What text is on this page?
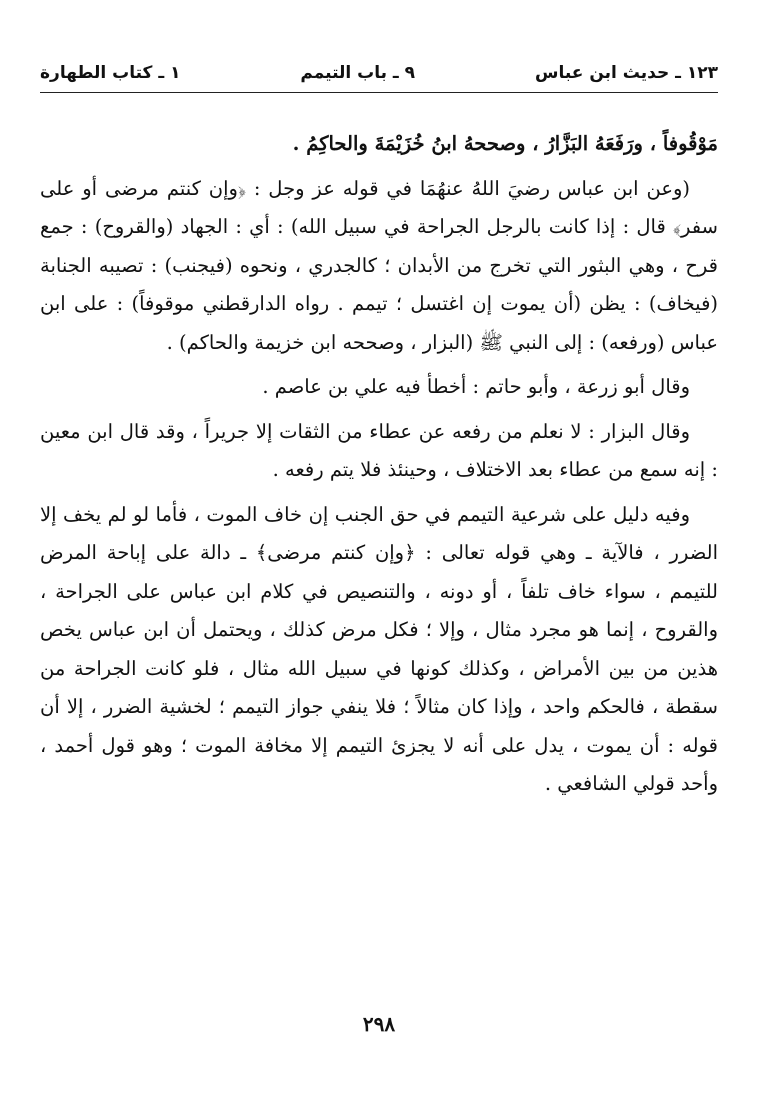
١ ـ كتاب الطهارة	٩ ـ باب التيمم	١٢٣ ـ حديث ابن عباس

مَوْقُوفاً ، ورَفَعَهُ البَزَّارُ ، وصححهُ ابنُ خُزَيْمَةَ والحاكِمُ .

(وعن ابن عباس رضيَ اللهُ عنهُمَا في قوله عز وجل : ﴿وإن كنتم مرضى أو على سفر﴾ قال : إذا كانت بالرجل الجراحة في سبيل الله) : أي : الجهاد (والقروح) : جمع قرح ، وهي البثور التي تخرج من الأبدان ؛ كالجدري ، ونحوه (فيجنب) : تصيبه الجنابة (فيخاف) : يظن (أن يموت إن اغتسل ؛ تيمم . رواه الدارقطني موقوفاً) : على ابن عباس (ورفعه) : إلى النبي ﷺ (البزار ، وصححه ابن خزيمة والحاكم) .

وقال أبو زرعة ، وأبو حاتم : أخطأ فيه علي بن عاصم .

وقال البزار : لا نعلم من رفعه عن عطاء من الثقات إلا جريراً ، وقد قال ابن معين : إنه سمع من عطاء بعد الاختلاف ، وحينئذ فلا يتم رفعه .

وفيه دليل على شرعية التيمم في حق الجنب إن خاف الموت ، فأما لو لم يخف إلا الضرر ، فالآية ـ وهي قوله تعالى : ﴿وإن كنتم مرضى﴾ ـ دالة على إباحة المرض للتيمم ، سواء خاف تلفاً ، أو دونه ، والتنصيص في كلام ابن عباس على الجراحة ، والقروح ، إنما هو مجرد مثال ، وإلا ؛ فكل مرض كذلك ، ويحتمل أن ابن عباس يخص هذين من بين الأمراض ، وكذلك كونها في سبيل الله مثال ، فلو كانت الجراحة من سقطة ، فالحكم واحد ، وإذا كان مثالاً ؛ فلا ينفي جواز التيمم ؛ لخشية الضرر ، إلا أن قوله : أن يموت ، يدل على أنه لا يجزئ التيمم إلا مخافة الموت ؛ وهو قول أحمد ، وأحد قولي الشافعي .

٢٩٨
